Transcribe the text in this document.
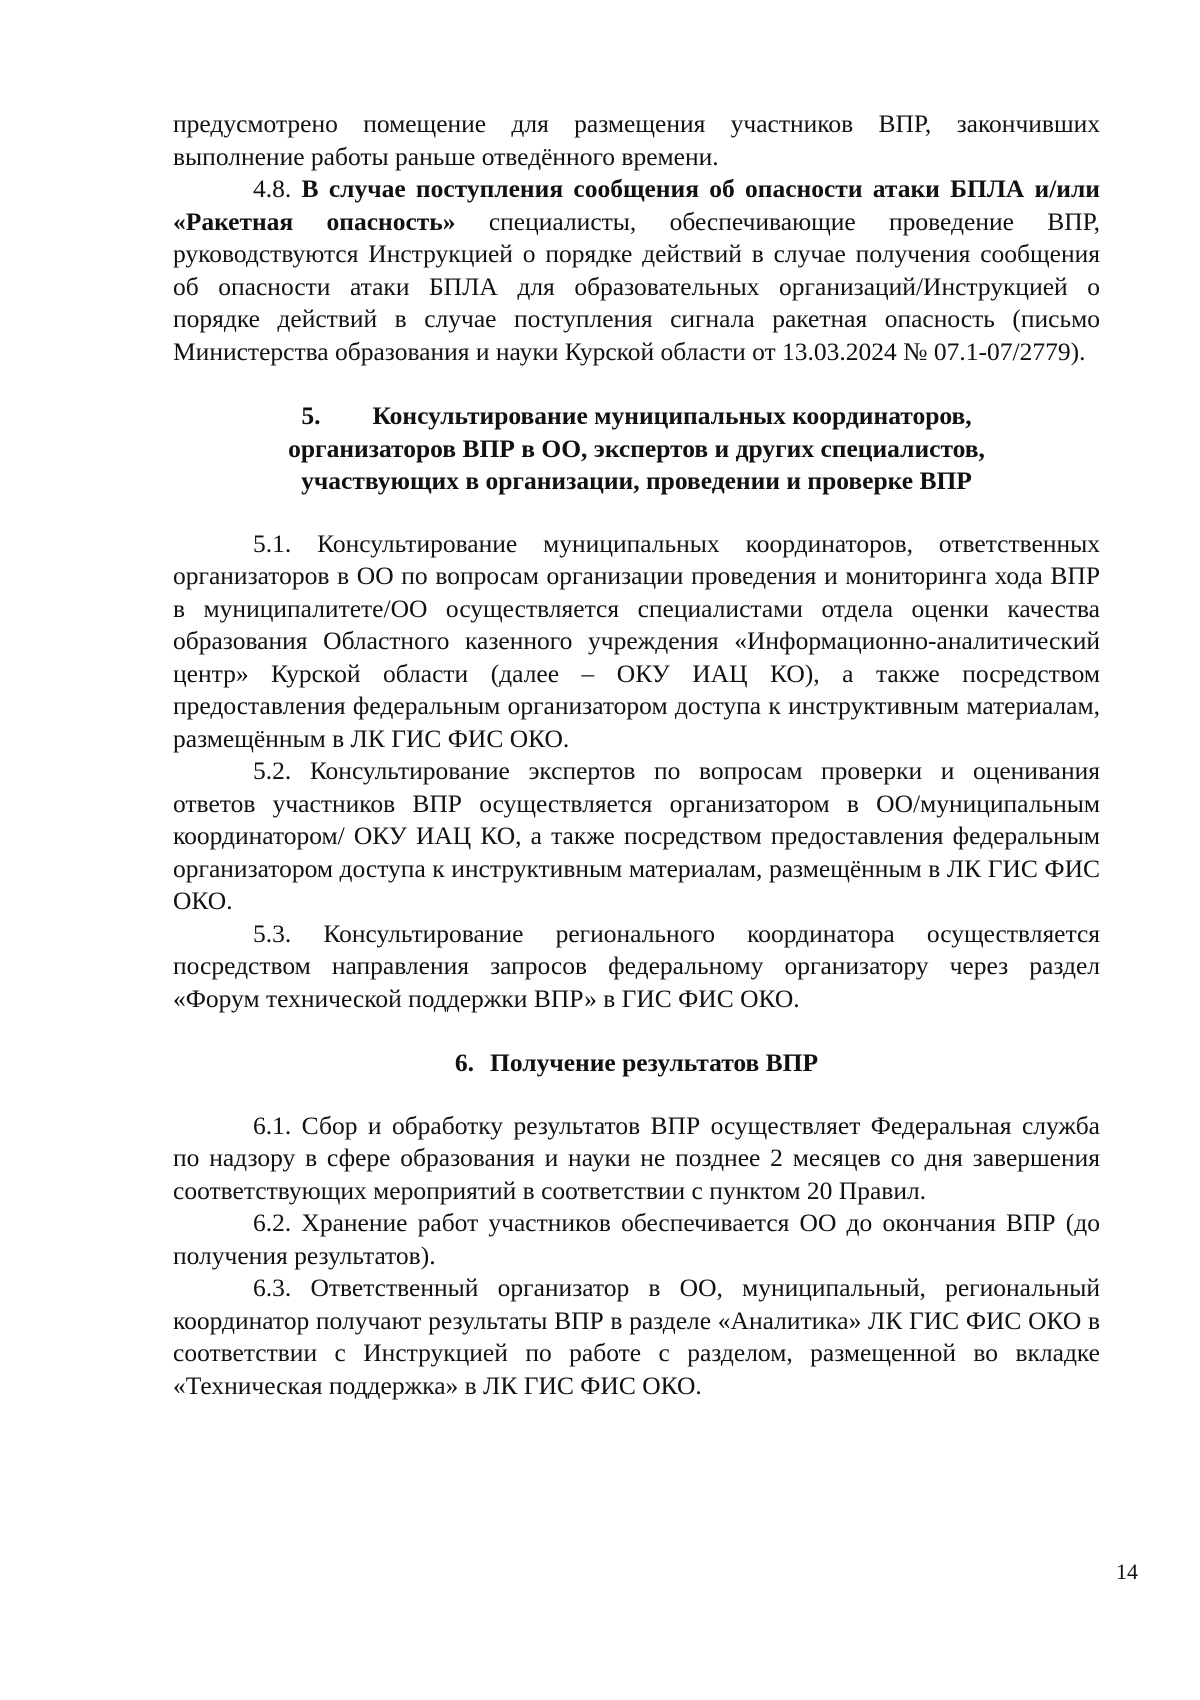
предусмотрено помещение для размещения участников ВПР, закончивших выполнение работы раньше отведённого времени.

4.8. В случае поступления сообщения об опасности атаки БПЛА и/или «Ракетная опасность» специалисты, обеспечивающие проведение ВПР, руководствуются Инструкцией о порядке действий в случае получения сообщения об опасности атаки БПЛА для образовательных организаций/Инструкцией о порядке действий в случае поступления сигнала ракетная опасность (письмо Министерства образования и науки Курской области от 13.03.2024 № 07.1-07/2779).

5. Консультирование муниципальных координаторов,
организаторов ВПР в ОО, экспертов и других специалистов,
участвующих в организации, проведении и проверке ВПР

5.1. Консультирование муниципальных координаторов, ответственных организаторов в ОО по вопросам организации проведения и мониторинга хода ВПР в муниципалитете/ОО осуществляется специалистами отдела оценки качества образования Областного казенного учреждения «Информационно-аналитический центр» Курской области (далее – ОКУ ИАЦ КО), а также посредством предоставления федеральным организатором доступа к инструктивным материалам, размещённым в ЛК ГИС ФИС ОКО.

5.2. Консультирование экспертов по вопросам проверки и оценивания ответов участников ВПР осуществляется организатором в ОО/муниципальным координатором/ ОКУ ИАЦ КО, а также посредством предоставления федеральным организатором доступа к инструктивным материалам, размещённым в ЛК ГИС ФИС ОКО.

5.3. Консультирование регионального координатора осуществляется посредством направления запросов федеральному организатору через раздел «Форум технической поддержки ВПР» в ГИС ФИС ОКО.

6. Получение результатов ВПР

6.1. Сбор и обработку результатов ВПР осуществляет Федеральная служба по надзору в сфере образования и науки не позднее 2 месяцев со дня завершения соответствующих мероприятий в соответствии с пунктом 20 Правил.

6.2. Хранение работ участников обеспечивается ОО до окончания ВПР (до получения результатов).

6.3. Ответственный организатор в ОО, муниципальный, региональный координатор получают результаты ВПР в разделе «Аналитика» ЛК ГИС ФИС ОКО в соответствии с Инструкцией по работе с разделом, размещенной во вкладке «Техническая поддержка» в ЛК ГИС ФИС ОКО.

14
